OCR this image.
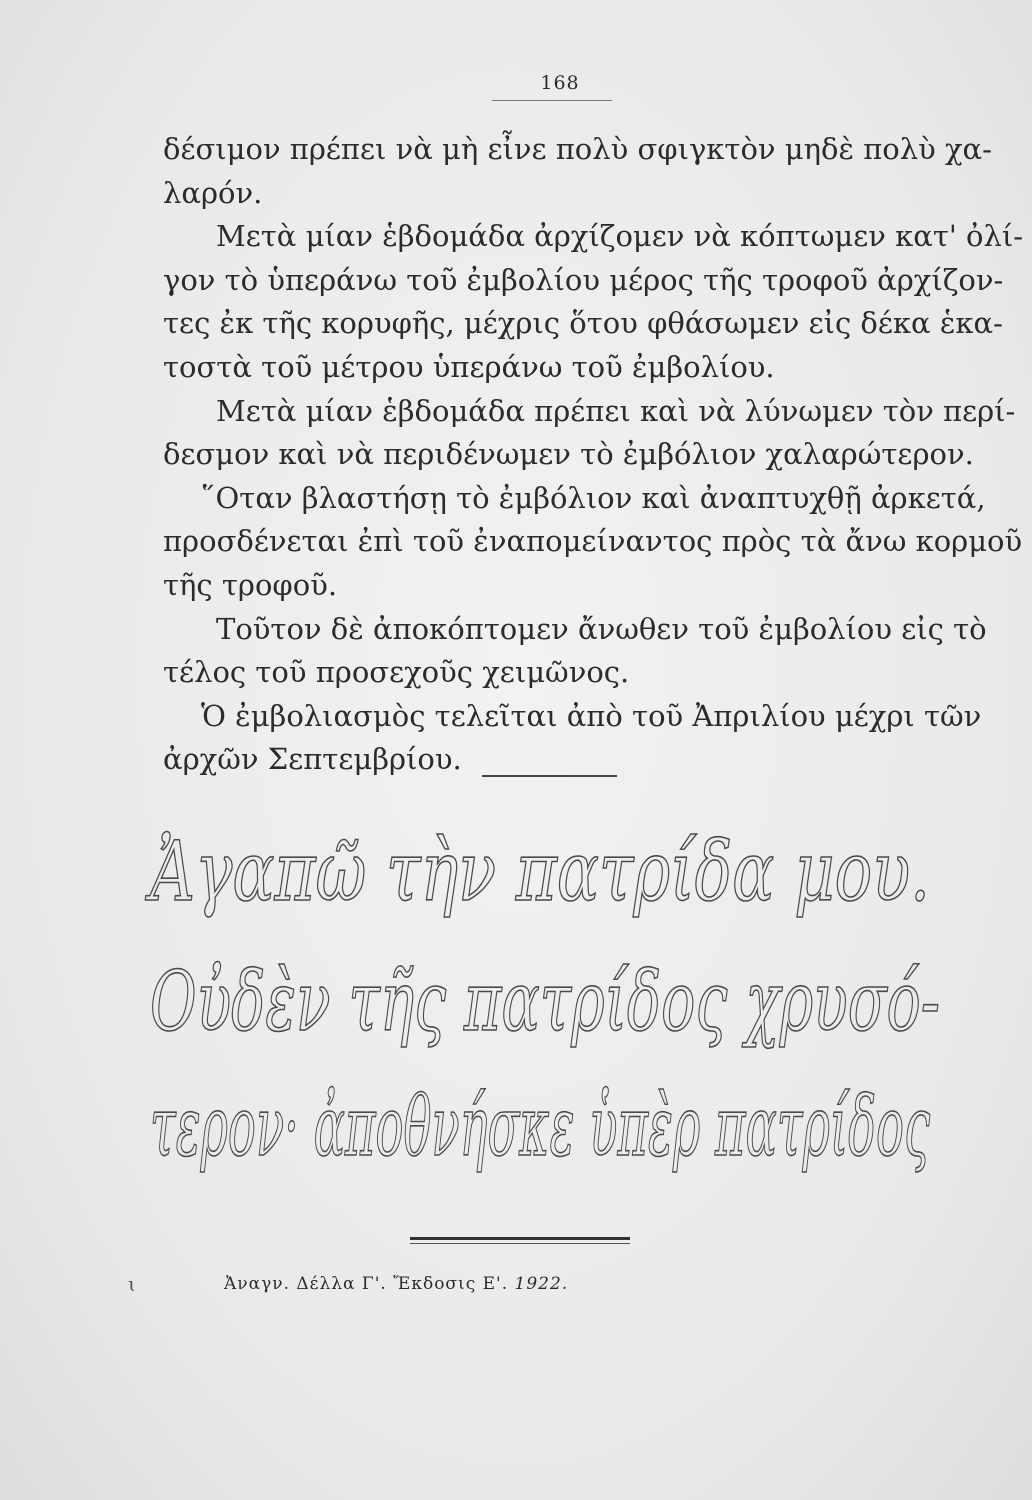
168
δέσιμον πρέπει νὰ μὴ εἶνε πολὺ σφιγκτὸν μηδὲ πολὺ χα-
λαρόν.
Μετὰ μίαν ἑβδομάδα ἀρχίζομεν νὰ κόπτωμεν κατ' ὀλί-
γον τὸ ὑπεράνω τοῦ ἐμβολίου μέρος τῆς τροφοῦ ἀρχίζον-
τες ἐκ τῆς κορυφῆς, μέχρις ὅτου φθάσωμεν εἰς δέκα ἑκα-
τοστὰ τοῦ μέτρου ὑπεράνω τοῦ ἐμβολίου.
Μετὰ μίαν ἑβδομάδα πρέπει καὶ νὰ λύνωμεν τὸν περί-
δεσμον καὶ νὰ περιδένωμεν τὸ ἐμβόλιον χαλαρώτερον.
῞Οταν βλαστήσῃ τὸ ἐμβόλιον καὶ ἀναπτυχθῇ ἀρκετά,
προσδένεται ἐπὶ τοῦ ἐναπομείναντος πρὸς τὰ ἄνω κορμοῦ
τῆς τροφοῦ.
Τοῦτον δὲ ἀποκόπτομεν ἄνωθεν τοῦ ἐμβολίου εἰς τὸ
τέλος τοῦ προσεχοῦς χειμῶνος.
Ὁ ἐμβολιασμὸς τελεῖται ἀπὸ τοῦ Ἀπριλίου μέχρι τῶν
ἀρχῶν Σεπτεμβρίου.
Ἀγαπῶ τὴν πατρίδα μου.
Οὐδὲν τῆς πατρίδος χρυσό-
τερον· ἀποθνήσκε ὑπὲρ πατρίδος
ɩ	Ἀναγν. Δέλλα Γ'. Ἔκδοσις Ε'. 1922.
